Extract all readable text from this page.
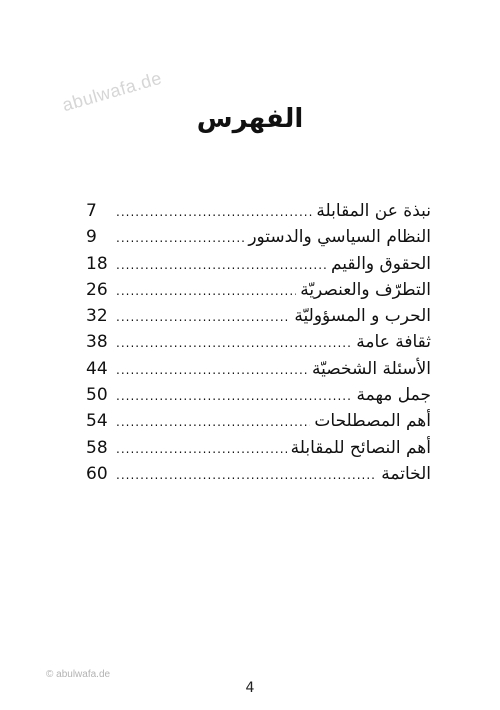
abulwafa.de
الفهرس
نبذة عن المقابلة
.....
7
النظام السياسي والدستور
.....
9
الحقوق والقيم
.....
18
التطرّف والعنصريّة
.....
26
الحرب و المسؤوليّة
.....
32
ثقافة عامة
.....
38
الأسئلة الشخصيّة
.....
44
جمل مهمة
.....
50
أهم المصطلحات
.....
54
أهم النصائح للمقابلة
.....
58
الخاتمة
.....
60
© abulwafa.de
4
